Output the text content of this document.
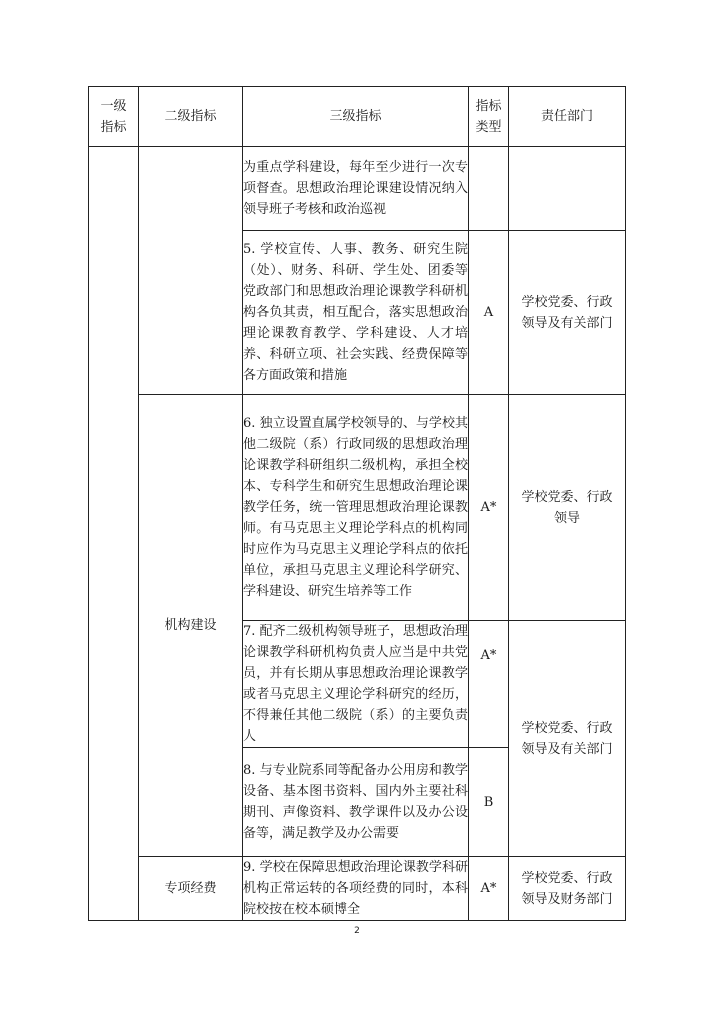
一级指标	二级指标	三级指标	指标类型	责任部门
		为重点学科建设，每年至少进行一次专项督查。思想政治理论课建设情况纳入领导班子考核和政治巡视		
		5. 学校宣传、人事、教务、研究生院（处）、财务、科研、学生处、团委等党政部门和思想政治理论课教学科研机构各负其责，相互配合，落实思想政治理论课教育教学、学科建设、人才培养、科研立项、社会实践、经费保障等各方面政策和措施	A	学校党委、行政领导及有关部门
	机构建设	6. 独立设置直属学校领导的、与学校其他二级院（系）行政同级的思想政治理论课教学科研组织二级机构，承担全校本、专科学生和研究生思想政治理论课教学任务，统一管理思想政治理论课教师。有马克思主义理论学科点的机构同时应作为马克思主义理论学科点的依托单位，承担马克思主义理论科学研究、学科建设、研究生培养等工作	A*	学校党委、行政领导
		7. 配齐二级机构领导班子，思想政治理论课教学科研机构负责人应当是中共党员，并有长期从事思想政治理论课教学或者马克思主义理论学科研究的经历，不得兼任其他二级院（系）的主要负责人	A*	学校党委、行政领导及有关部门
		8. 与专业院系同等配备办公用房和教学设备、基本图书资料、国内外主要社科期刊、声像资料、教学课件以及办公设备等，满足教学及办公需要	B	
	专项经费	9. 学校在保障思想政治理论课教学科研机构正常运转的各项经费的同时，本科院校按在校本硕博全	A*	学校党委、行政领导及财务部门
2
